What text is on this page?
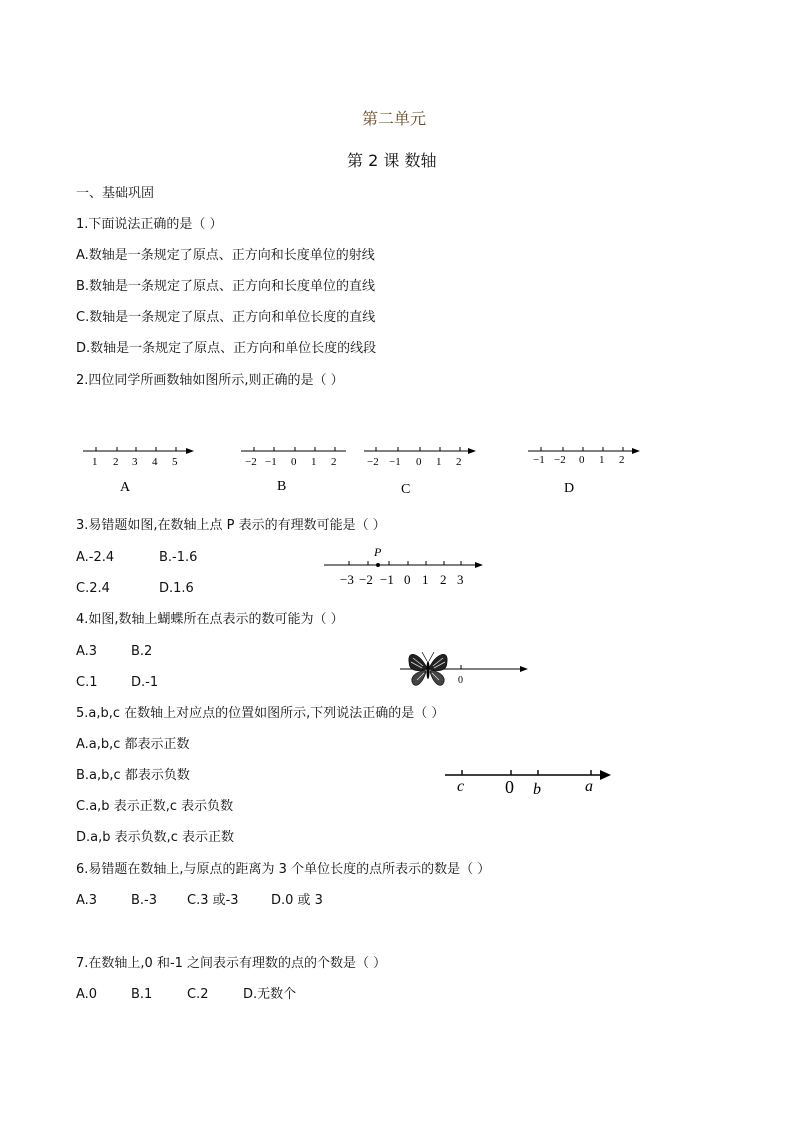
第二单元
第 2 课 数轴
一、基础巩固
1.下面说法正确的是（ ）
A.数轴是一条规定了原点、正方向和长度单位的射线
B.数轴是一条规定了原点、正方向和长度单位的直线
C.数轴是一条规定了原点、正方向和单位长度的直线
D.数轴是一条规定了原点、正方向和单位长度的线段
2.四位同学所画数轴如图所示,则正确的是（ ）
1 2 3 4 5
A
−2 −1 0 1 2
B
−2 −1 0 1 2
C
−1 −2 0 1 2
D
3.易错题如图,在数轴上点 P 表示的有理数可能是（ ）
A.-2.4	B.-1.6
C.2.4	D.1.6
P
−3 −2 −1 0 1 2 3
4.如图,数轴上蝴蝶所在点表示的数可能为（ ）
A.3	B.2
C.1	D.-1	0
5.a,b,c 在数轴上对应点的位置如图所示,下列说法正确的是（ ）
A.a,b,c 都表示正数
B.a,b,c 都表示负数
C.a,b 表示正数,c 表示负数
D.a,b 表示负数,c 表示正数
c 0 b	a
6.易错题在数轴上,与原点的距离为 3 个单位长度的点所表示的数是（ ）
A.3	B.-3 C.3 或-3 D.0 或 3
7.在数轴上,0 和-1 之间表示有理数的点的个数是（ ）
A.0	B.1	C.2	D.无数个
